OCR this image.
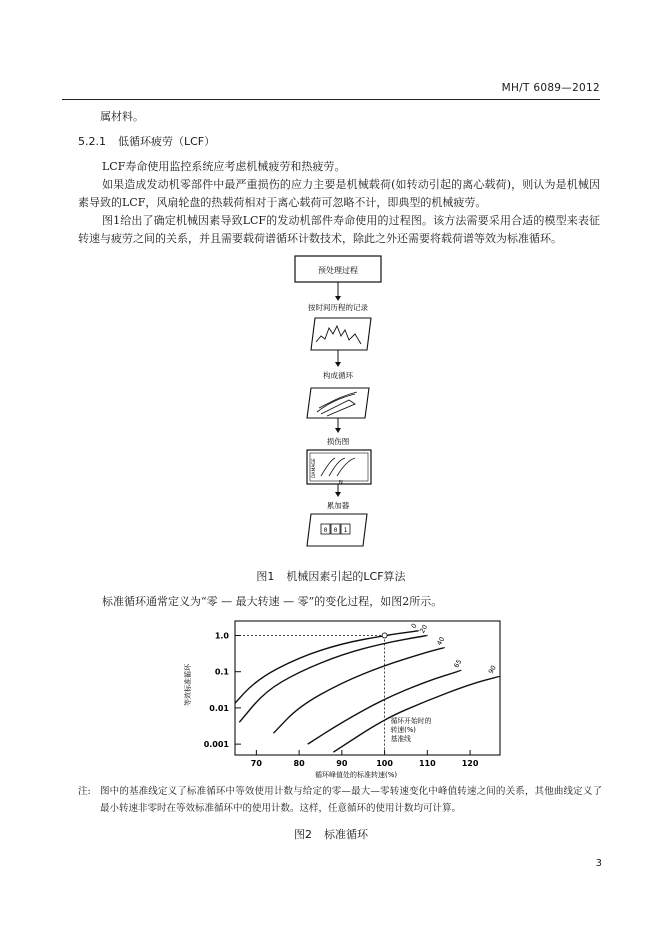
MH/T 6089—2012

属材料。

5.2.1 低循环疲劳（LCF）

LCF寿命使用监控系统应考虑机械疲劳和热疲劳。

如果造成发动机零部件中最严重损伤的应力主要是机械载荷(如转动引起的离心载荷)，则认为是机械因素导致的LCF，风扇轮盘的热载荷相对于离心载荷可忽略不计，即典型的机械疲劳。

图1给出了确定机械因素导致LCF的发动机部件寿命使用的过程图。该方法需要采用合适的模型来表征转速与疲劳之间的关系，并且需要载荷谱循环计数技术，除此之外还需要将载荷谱等效为标准循环。

预处理过程
按时间历程的记录
构成循环
损伤图
DAMAGE
N
累加器
0 0 1
图1 机械因素引起的LCF算法

标准循环通常定义为“零 — 最大转速 — 零”的变化过程，如图2所示。

1.0
0.1
0.01
0.001
70	80	90	100	110	120
0 20
40
65
90
等效标准循环
循环峰值处的标准转速(%)
循环开始时的转速(%)基准线
注: 图中的基准线定义了标准循环中等效使用计数与给定的零—最大—零转速变化中峰值转速之间的关系，其他曲线定义了最小转速非零时在等效标准循环中的使用计数。这样，任意循环的使用计数均可计算。
图2 标准循环
3
